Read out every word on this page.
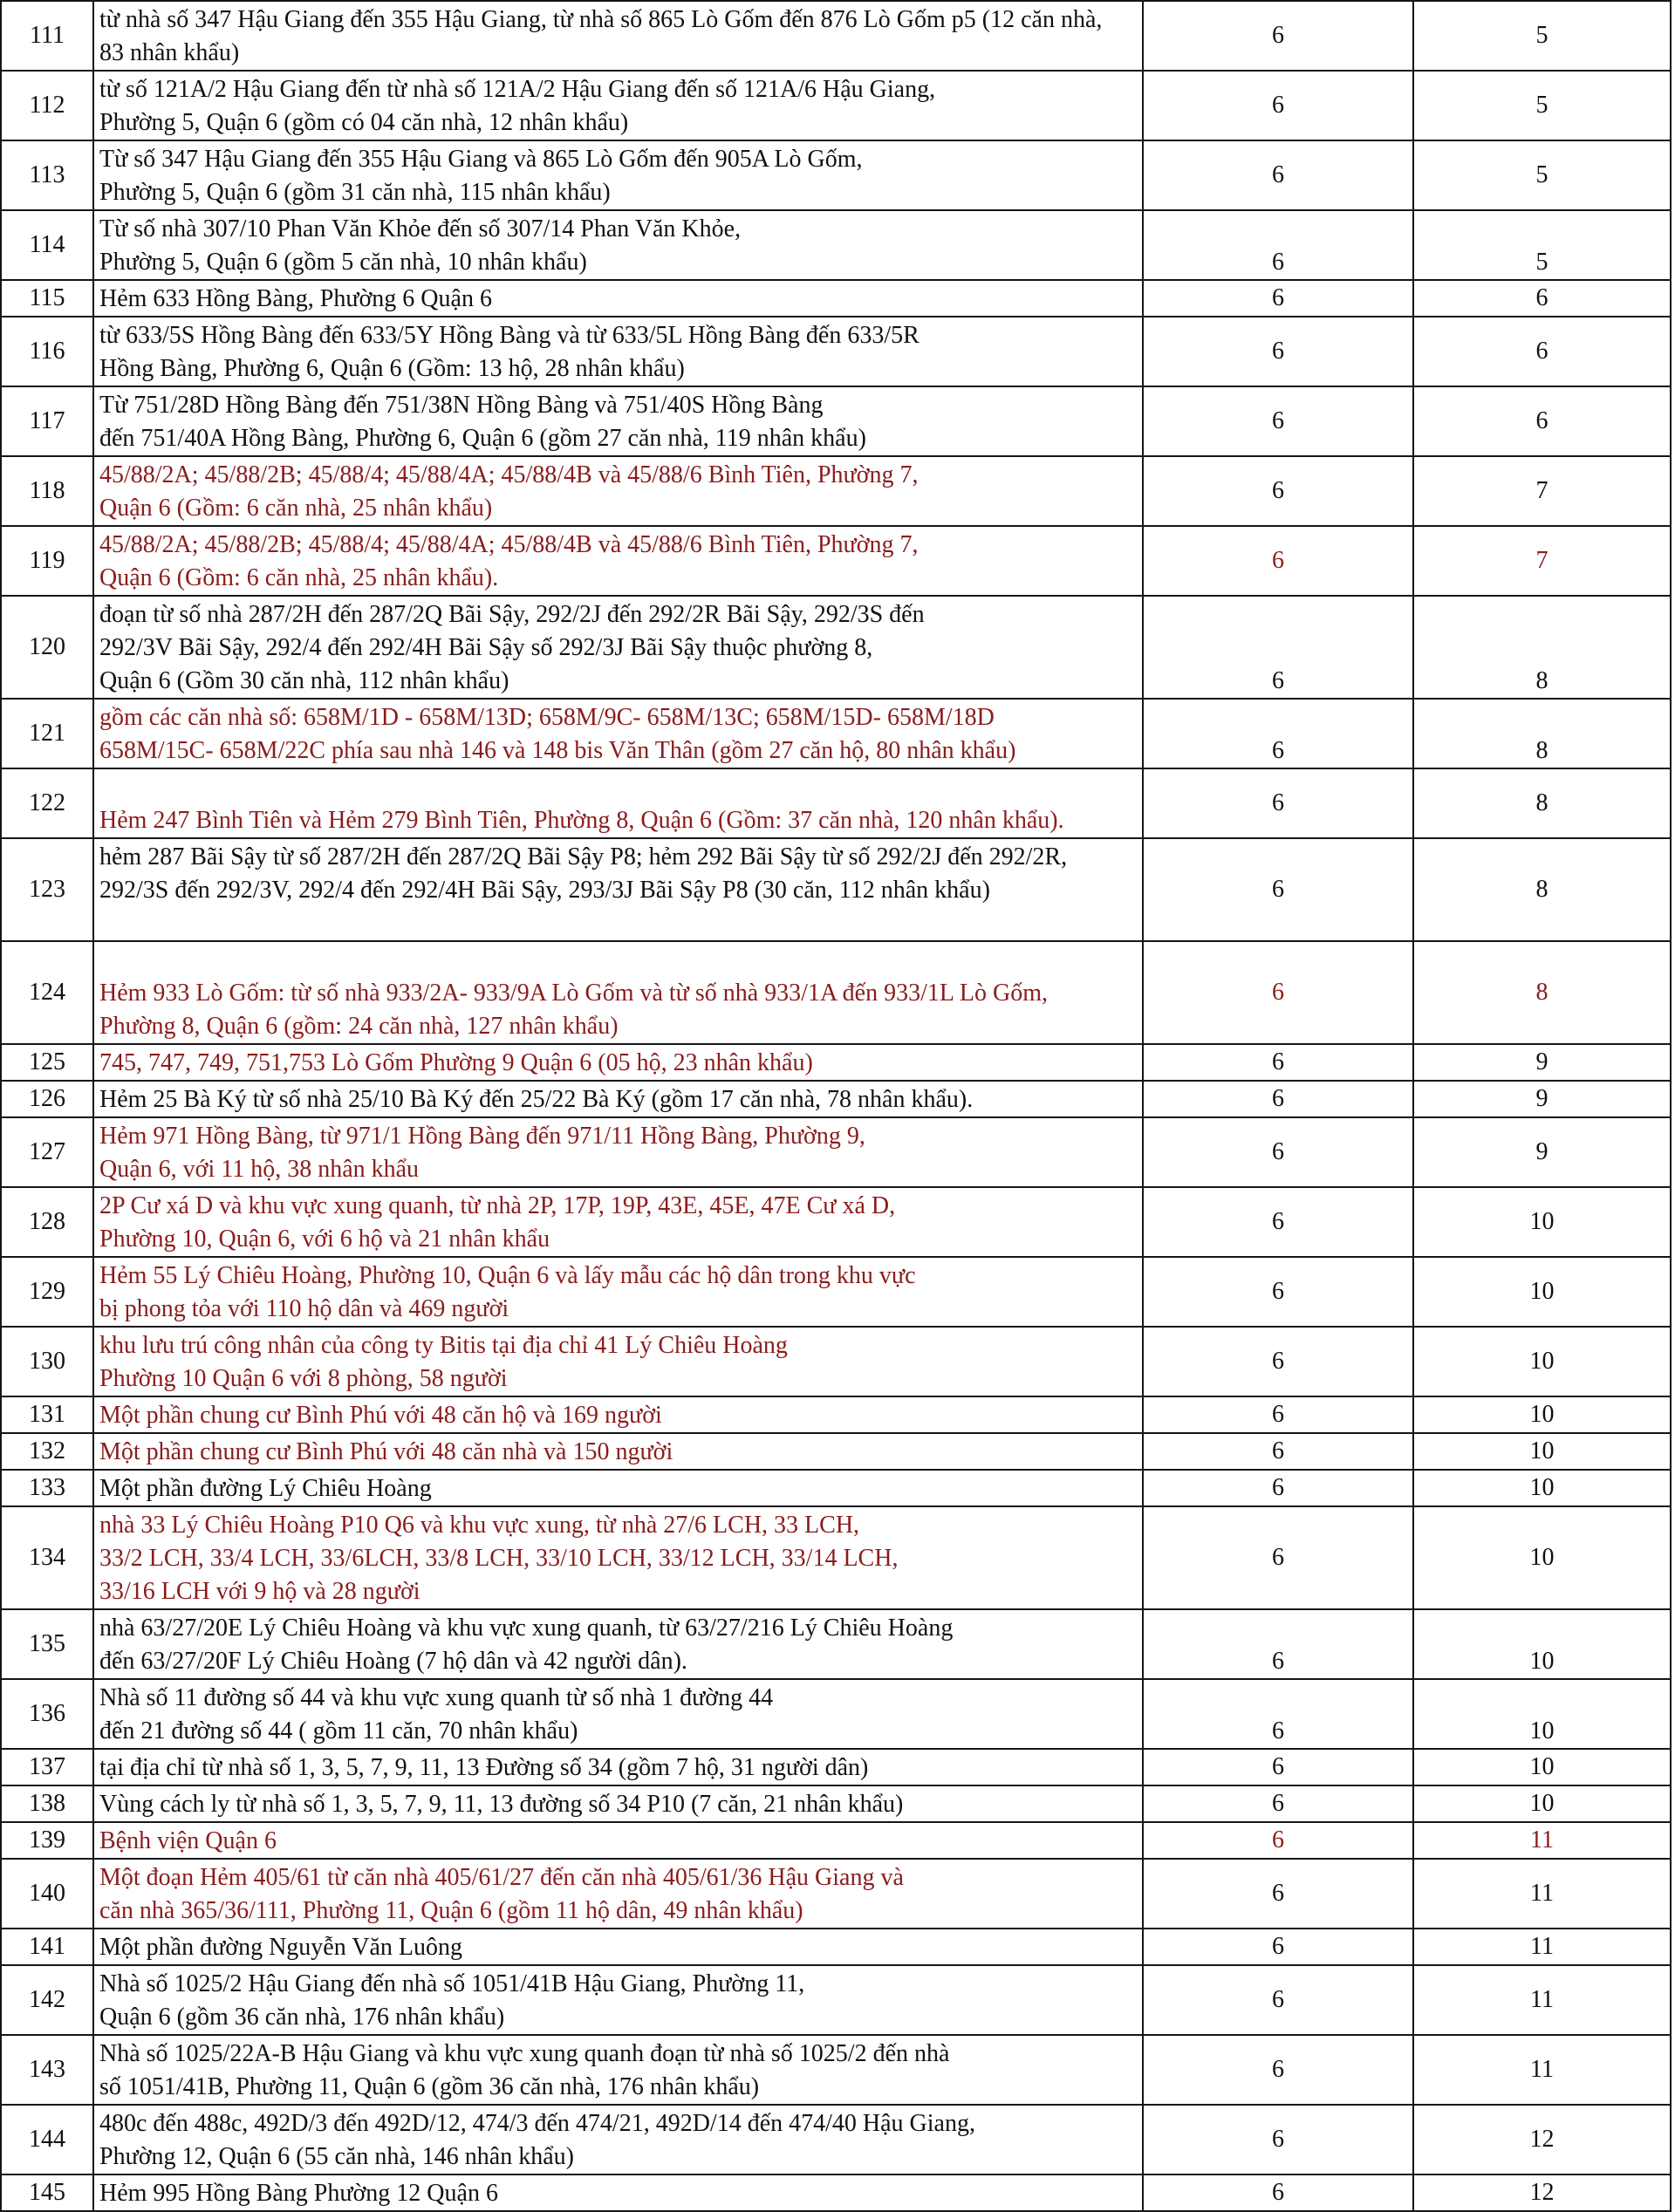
111	từ nhà số 347 Hậu Giang đến 355 Hậu Giang, từ nhà số 865 Lò Gốm đến 876 Lò Gốm p5 (12 căn nhà,
83 nhân khẩu)	6	5
112	từ số 121A/2 Hậu Giang đến từ nhà số 121A/2 Hậu Giang đến số 121A/6 Hậu Giang,
Phường 5, Quận 6 (gồm có 04 căn nhà, 12 nhân khẩu)	6	5
113	Từ số 347 Hậu Giang đến 355 Hậu Giang và 865 Lò Gốm đến 905A Lò Gốm,
Phường 5, Quận 6 (gồm 31 căn nhà, 115 nhân khẩu)	6	5
114	Từ số nhà 307/10 Phan Văn Khỏe đến số 307/14 Phan Văn Khỏe,
Phường 5, Quận 6 (gồm 5 căn nhà, 10 nhân khẩu)	6	5
115	Hẻm 633 Hồng Bàng, Phường 6 Quận 6	6	6
116	từ 633/5S Hồng Bàng đến 633/5Y Hồng Bàng và từ 633/5L Hồng Bàng đến 633/5R
Hồng Bàng, Phường 6, Quận 6 (Gồm: 13 hộ, 28 nhân khẩu)	6	6
117	Từ 751/28D Hồng Bàng đến 751/38N Hồng Bàng và 751/40S Hồng Bàng
đến 751/40A Hồng Bàng, Phường 6, Quận 6 (gồm 27 căn nhà, 119 nhân khẩu)	6	6
118	45/88/2A; 45/88/2B; 45/88/4; 45/88/4A; 45/88/4B và 45/88/6 Bình Tiên, Phường 7,
Quận 6 (Gồm: 6 căn nhà, 25 nhân khẩu)	6	7
119	45/88/2A; 45/88/2B; 45/88/4; 45/88/4A; 45/88/4B và 45/88/6 Bình Tiên, Phường 7,
Quận 6 (Gồm: 6 căn nhà, 25 nhân khẩu).	6	7
120	đoạn từ số nhà 287/2H đến 287/2Q Bãi Sậy, 292/2J đến 292/2R Bãi Sậy, 292/3S đến
292/3V Bãi Sậy, 292/4 đến 292/4H Bãi Sậy số 292/3J Bãi Sậy thuộc phường 8,
Quận 6 (Gồm 30 căn nhà, 112 nhân khẩu)	6	8
121	gồm các căn nhà số: 658M/1D - 658M/13D; 658M/9C- 658M/13C; 658M/15D- 658M/18D
658M/15C- 658M/22C phía sau nhà 146 và 148 bis Văn Thân (gồm 27 căn hộ, 80 nhân khẩu)	6	8
122	Hẻm 247 Bình Tiên và Hẻm 279 Bình Tiên, Phường 8, Quận 6 (Gồm: 37 căn nhà, 120 nhân khẩu).	6	8
123	hẻm 287 Bãi Sậy từ số 287/2H đến 287/2Q Bãi Sậy P8; hẻm 292 Bãi Sậy từ số 292/2J đến 292/2R,
292/3S đến 292/3V, 292/4 đến 292/4H Bãi Sậy, 293/3J Bãi Sậy P8 (30 căn, 112 nhân khẩu)	6	8
124	Hẻm 933 Lò Gốm: từ số nhà 933/2A- 933/9A Lò Gốm và từ số nhà 933/1A đến 933/1L Lò Gốm,
Phường 8, Quận 6 (gồm: 24 căn nhà, 127 nhân khẩu)	6	8
125	745, 747, 749, 751,753 Lò Gốm Phường 9 Quận 6 (05 hộ, 23 nhân khẩu)	6	9
126	Hẻm 25 Bà Ký từ số nhà 25/10 Bà Ký đến 25/22 Bà Ký (gồm 17 căn nhà, 78 nhân khẩu).	6	9
127	Hẻm 971 Hồng Bàng, từ 971/1 Hồng Bàng đến 971/11 Hồng Bàng, Phường 9,
Quận 6, với 11 hộ, 38 nhân khẩu	6	9
128	2P Cư xá D và khu vực xung quanh, từ nhà 2P, 17P, 19P, 43E, 45E, 47E Cư xá D,
Phường 10, Quận 6, với 6 hộ và 21 nhân khẩu	6	10
129	Hẻm 55 Lý Chiêu Hoàng, Phường 10, Quận 6 và lấy mẫu các hộ dân trong khu vực
bị phong tỏa với 110 hộ dân và 469 người	6	10
130	khu lưu trú công nhân của công ty Bitis tại địa chỉ 41 Lý Chiêu Hoàng
Phường 10 Quận 6 với 8 phòng, 58 người	6	10
131	Một phần chung cư Bình Phú với 48 căn hộ và 169 người	6	10
132	Một phần chung cư Bình Phú với 48 căn nhà và 150 người	6	10
133	Một phần đường Lý Chiêu Hoàng	6	10
134	nhà 33 Lý Chiêu Hoàng P10 Q6 và khu vực xung, từ nhà 27/6 LCH, 33 LCH,
33/2 LCH, 33/4 LCH, 33/6LCH, 33/8 LCH, 33/10 LCH, 33/12 LCH, 33/14 LCH,
33/16 LCH với 9 hộ và 28 người	6	10
135	nhà 63/27/20E Lý Chiêu Hoàng và khu vực xung quanh, từ 63/27/216 Lý Chiêu Hoàng
đến 63/27/20F Lý Chiêu Hoàng (7 hộ dân và 42 người dân).	6	10
136	Nhà số 11 đường số 44 và khu vực xung quanh từ số nhà 1 đường 44
đến 21 đường số 44 ( gồm 11 căn, 70 nhân khẩu)	6	10
137	tại địa chỉ từ nhà số 1, 3, 5, 7, 9, 11, 13 Đường số 34 (gồm 7 hộ, 31 người dân)	6	10
138	Vùng cách ly từ nhà số 1, 3, 5, 7, 9, 11, 13 đường số 34 P10 (7 căn, 21 nhân khẩu)	6	10
139	Bệnh viện Quận 6	6	11
140	Một đoạn Hẻm 405/61 từ căn nhà 405/61/27 đến căn nhà 405/61/36 Hậu Giang và
căn nhà 365/36/111, Phường 11, Quận 6 (gồm 11 hộ dân, 49 nhân khẩu)	6	11
141	Một phần đường Nguyễn Văn Luông	6	11
142	Nhà số 1025/2 Hậu Giang đến nhà số 1051/41B Hậu Giang, Phường 11,
Quận 6 (gồm 36 căn nhà, 176 nhân khẩu)	6	11
143	Nhà số 1025/22A-B Hậu Giang và khu vực xung quanh đoạn từ nhà số 1025/2 đến nhà
số 1051/41B, Phường 11, Quận 6 (gồm 36 căn nhà, 176 nhân khẩu)	6	11
144	480c đến 488c, 492D/3 đến 492D/12, 474/3 đến 474/21, 492D/14 đến 474/40 Hậu Giang,
Phường 12, Quận 6 (55 căn nhà, 146 nhân khẩu)	6	12
145	Hẻm 995 Hồng Bàng Phường 12 Quận 6	6	12
